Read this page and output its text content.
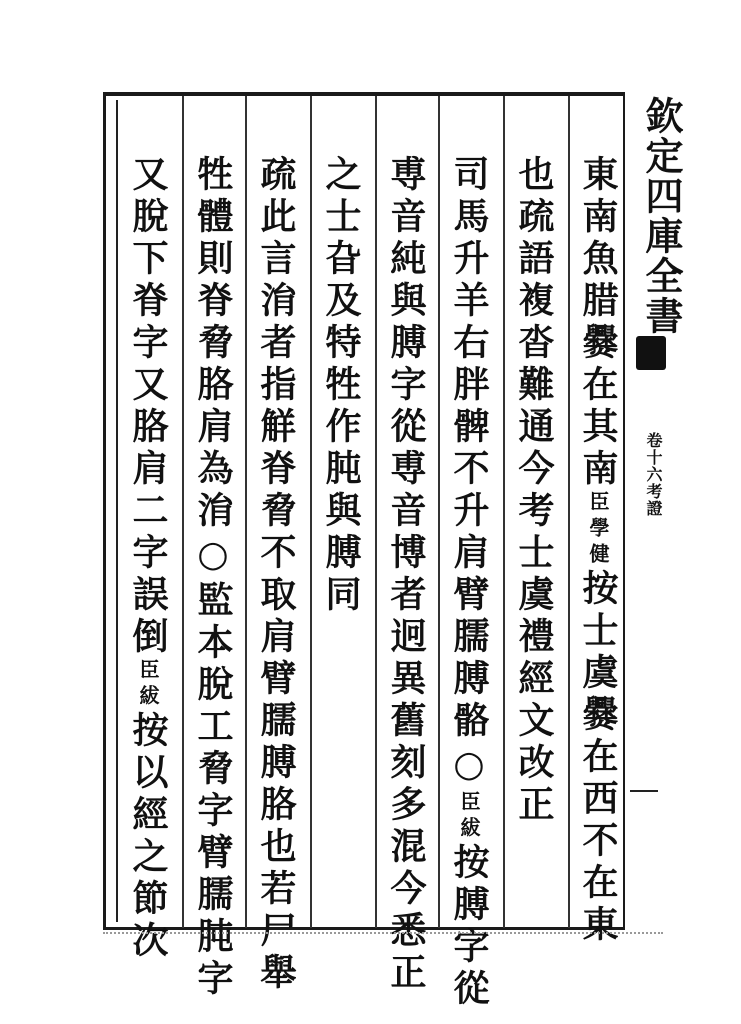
欽定四庫全書
卷十六考證
東南魚腊爨在其南
臣學健
按士虞爨在西不在東
也疏語複沓難通今考士虞禮經文改正
司馬升羊右胖髀不升肩臂臑膊骼○
臣紱
按膊字從
尃音純與膊字從尃音博者迥異舊刻多混今悉正
之士旮及特牲作肫與膊同
疏此言㳙者指觧脊脅不取肩臂臑膊胳也若尸舉
牲體則脊脅胳肩為㳙○監本脫工脅字臂臑肫字
又脫下脊字又胳肩二字誤倒
臣紱
按以經之節次
